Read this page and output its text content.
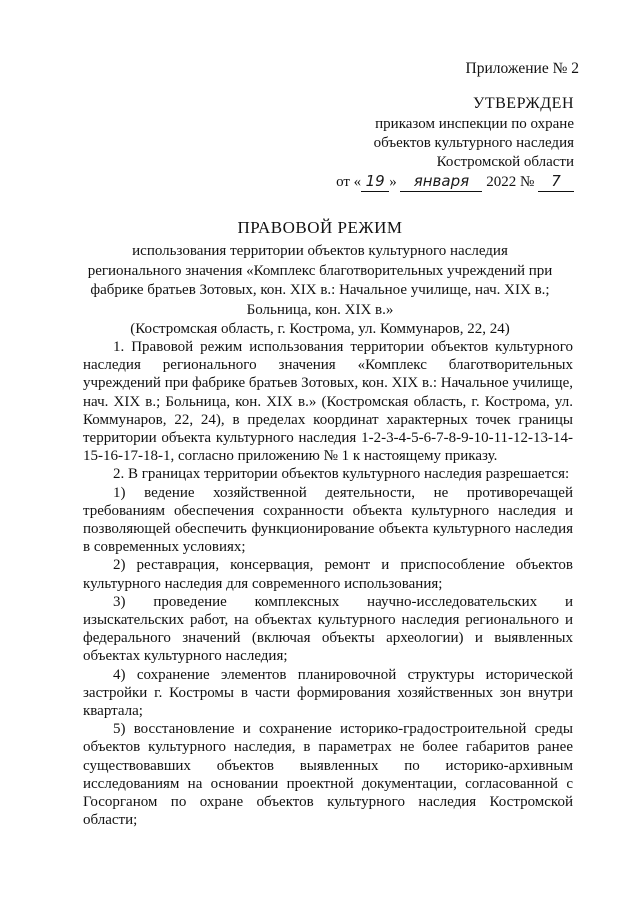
Приложение № 2
УТВЕРЖДЕН
приказом инспекции по охране
объектов культурного наследия
Костромской области
от « 19 » января 2022 № 7
ПРАВОВОЙ РЕЖИМ
использования территории объектов культурного наследия
регионального значения «Комплекс благотворительных учреждений при
фабрике братьев Зотовых, кон. XIX в.: Начальное училище, нач. XIX в.;
Больница, кон. XIX в.»
(Костромская область, г. Кострома, ул. Коммунаров, 22, 24)

1. Правовой режим использования территории объектов культурного наследия регионального значения «Комплекс благотворительных учреждений при фабрике братьев Зотовых, кон. XIX в.: Начальное училище, нач. XIX в.; Больница, кон. XIX в.» (Костромская область, г. Кострома, ул. Коммунаров, 22, 24), в пределах координат характерных точек границы территории объекта культурного наследия 1-2-3-4-5-6-7-8-9-10-11-12-13-14-15-16-17-18-1, согласно приложению № 1 к настоящему приказу.

2. В границах территории объектов культурного наследия разрешается:

1) ведение хозяйственной деятельности, не противоречащей требованиям обеспечения сохранности объекта культурного наследия и позволяющей обеспечить функционирование объекта культурного наследия в современных условиях;

2) реставрация, консервация, ремонт и приспособление объектов культурного наследия для современного использования;

3) проведение комплексных научно-исследовательских и изыскательских работ, на объектах культурного наследия регионального и федерального значений (включая объекты археологии) и выявленных объектах культурного наследия;

4) сохранение элементов планировочной структуры исторической застройки г. Костромы в части формирования хозяйственных зон внутри квартала;

5) восстановление и сохранение историко-градостроительной среды объектов культурного наследия, в параметрах не более габаритов ранее существовавших объектов выявленных по историко-архивным исследованиям на основании проектной документации, согласованной с Госорганом по охране объектов культурного наследия Костромской области;
